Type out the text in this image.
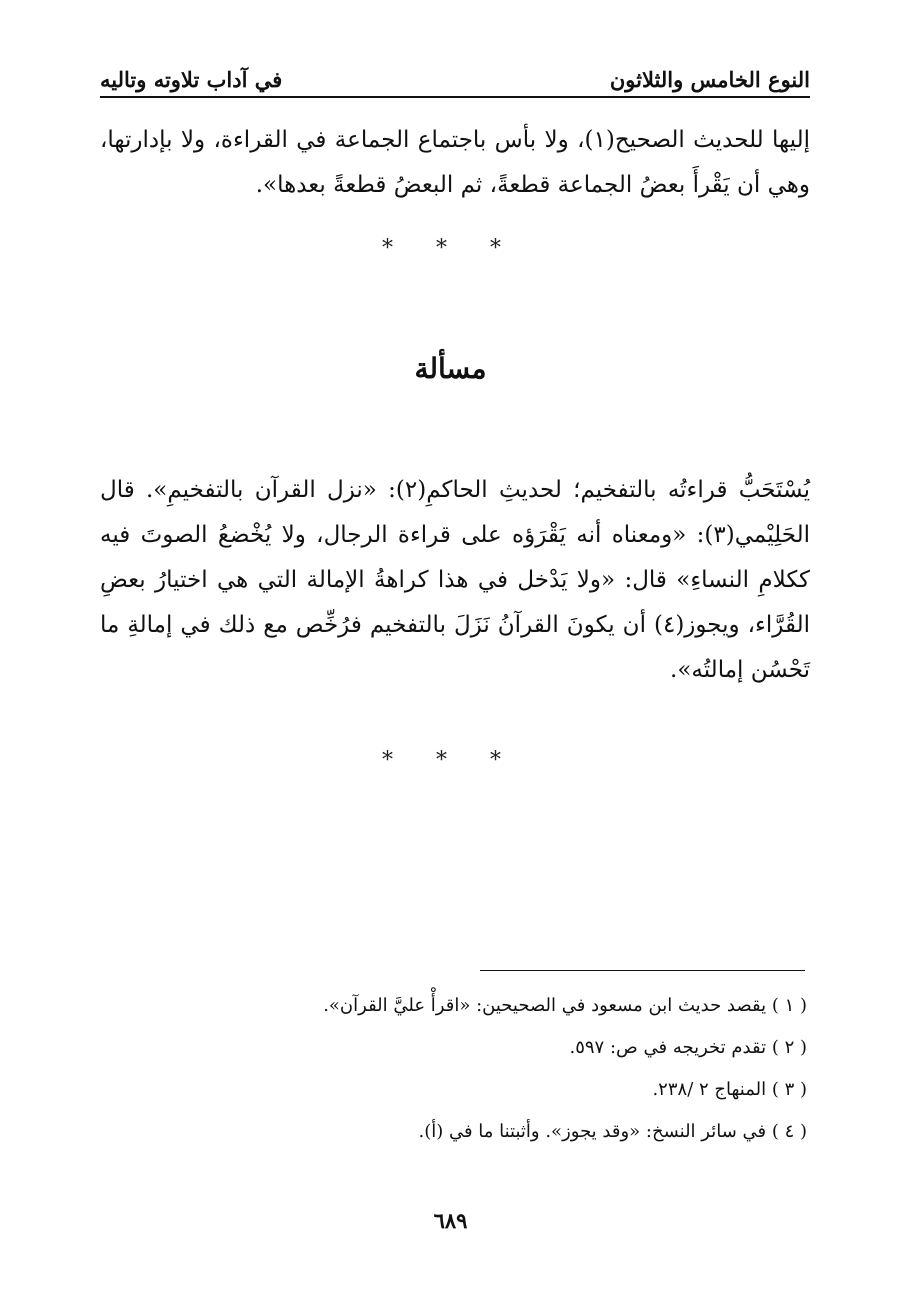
النوع الخامس والثلاثون
في آداب تلاوته وتاليه

إليها للحديث الصحيح(١)، ولا بأس باجتماع الجماعة في القراءة، ولا بإدارتها، وهي أن يَقْرأَ بعضُ الجماعة قطعةً، ثم البعضُ قطعةً بعدها».

* * *
مسألة

يُسْتَحَبُّ قراءتُه بالتفخيم؛ لحديثِ الحاكمِ(٢): «نزل القرآن بالتفخيمِ». قال الحَلِيْمي(٣): «ومعناه أنه يَقْرَؤه على قراءة الرجال، ولا يُخْضعُ الصوتَ فيه ككلامِ النساءِ» قال: «ولا يَدْخل في هذا كراهةُ الإمالة التي هي اختيارُ بعضِ القُرَّاء، ويجوز(٤) أن يكونَ القرآنُ نَزَلَ بالتفخيم فرُخِّص مع ذلك في إمالةِ ما تَحْسُن إمالتُه».

* * *
( ١ ) يقصد حديث ابن مسعود في الصحيحين: «اقرأْ عليَّ القرآن».
( ٢ ) تقدم تخريجه في ص: ٥٩٧.
( ٣ ) المنهاج ٢ /٢٣٨.
( ٤ ) في سائر النسخ: «وقد يجوز». وأثبتنا ما في (أ).
٦٨٩
